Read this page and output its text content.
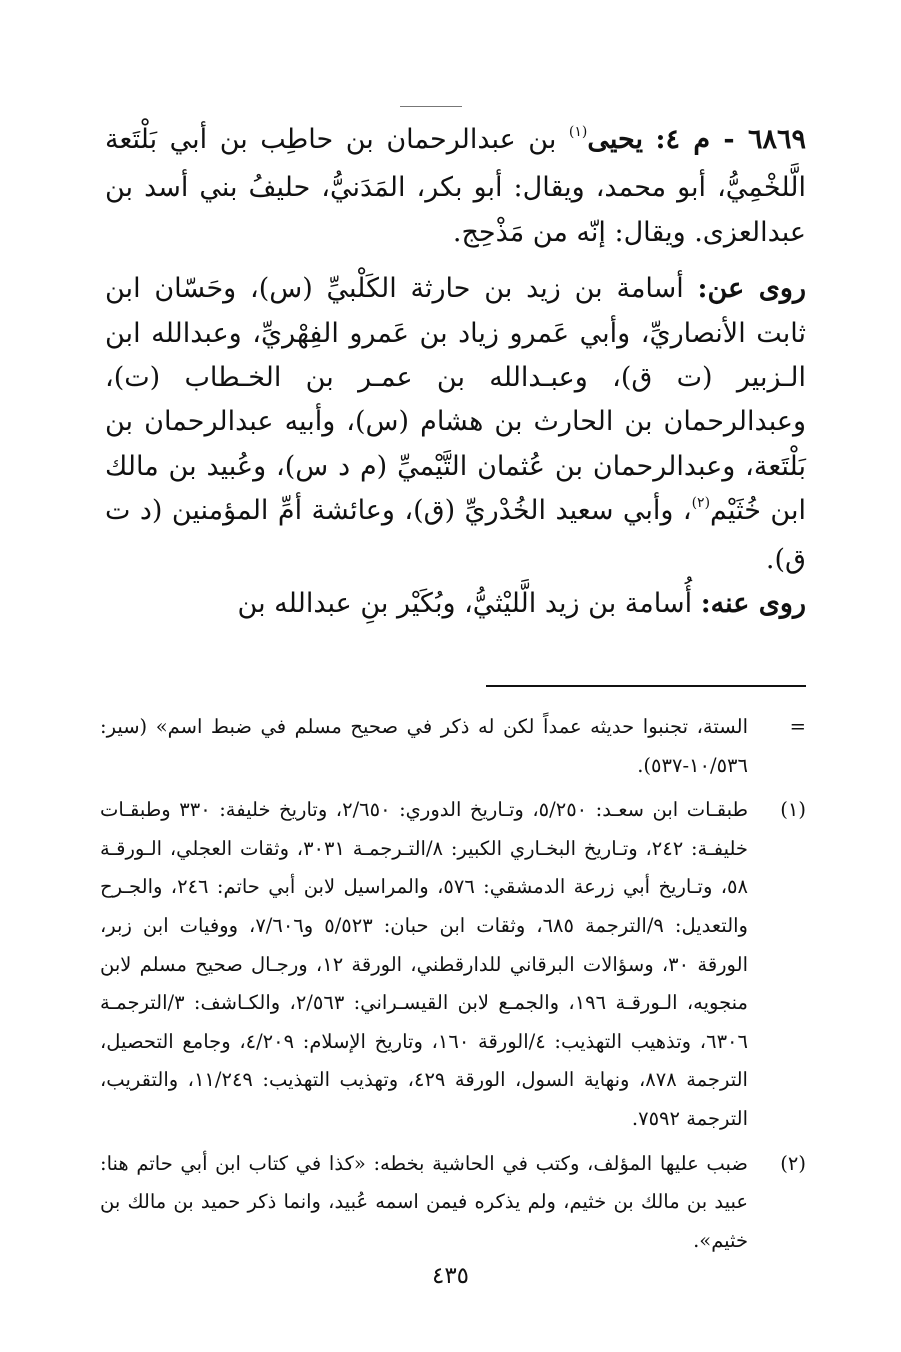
٦٨٦٩ - م ٤: يحيى$^{(١)}$ بن عبدالرحمان بن حاطِب بن أبي بَلْتَعة الَّلخْمِيُّ، أبو محمد، ويقال: أبو بكر، المَدَنيُّ، حليفُ بني أسد بن عبدالعزى. ويقال: إنّه من مَذْحِج.

روى عن: أسامة بن زيد بن حارثة الكَلْبيِّ (س)، وحَسّان ابن ثابت الأنصاريِّ، وأبي عَمرو زياد بن عَمرو الفِهْريِّ، وعبدالله ابن الـزبير (ت ق)، وعبـدالله بن عمـر بن الخـطاب (ت)، وعبدالرحمان بن الحارث بن هشام (س)، وأبيه عبدالرحمان بن بَلْتَعة، وعبدالرحمان بن عُثمان التَّيْميِّ (م د س)، وعُبيد بن مالك ابن خُثَيْم$^{(٢)}$، وأبي سعيد الخُدْريِّ (ق)، وعائشة أمِّ المؤمنين (د ت ق).

روى عنه: أُسامة بن زيد الَّليْثيُّ، وبُكَيْر بنِ عبدالله بن

=
الستة، تجنبوا حديثه عمداً لكن له ذكر في صحيح مسلم في ضبط اسم» (سير: ١٠/٥٣٦-٥٣٧).
(١)
طبقـات ابن سعـد: ٥/٢٥٠، وتـاريخ الدوري: ٢/٦٥٠، وتاريخ خليفة: ٣٣٠ وطبقـات خليفـة: ٢٤٢، وتـاريخ البخـاري الكبير: ٨/التـرجمـة ٣٠٣١، وثقات العجلي، الـورقـة ٥٨، وتـاريخ أبي زرعة الدمشقي: ٥٧٦، والمراسيل لابن أبي حاتم: ٢٤٦، والجـرح والتعديل: ٩/الترجمة ٦٨٥، وثقات ابن حبان: ٥/٥٢٣ و٧/٦٠٦، ووفيات ابن زبر، الورقة ٣٠، وسؤالات البرقاني للدارقطني، الورقة ١٢، ورجـال صحيح مسلم لابن منجويه، الـورقـة ١٩٦، والجمـع لابن القيسـراني: ٢/٥٦٣، والكـاشف: ٣/الترجمـة ٦٣٠٦، وتذهيب التهذيب: ٤/الورقة ١٦٠، وتاريخ الإسلام: ٤/٢٠٩، وجامع التحصيل، الترجمة ٨٧٨، ونهاية السول، الورقة ٤٢٩، وتهذيب التهذيب: ١١/٢٤٩، والتقريب، الترجمة ٧٥٩٢.
(٢)
ضبب عليها المؤلف، وكتب في الحاشية بخطه: «كذا في كتاب ابن أبي حاتم هنا: عبيد بن مالك بن خثيم، ولم يذكره فيمن اسمه عُبيد، وانما ذكر حميد بن مالك بن خثيم».
٤٣٥
